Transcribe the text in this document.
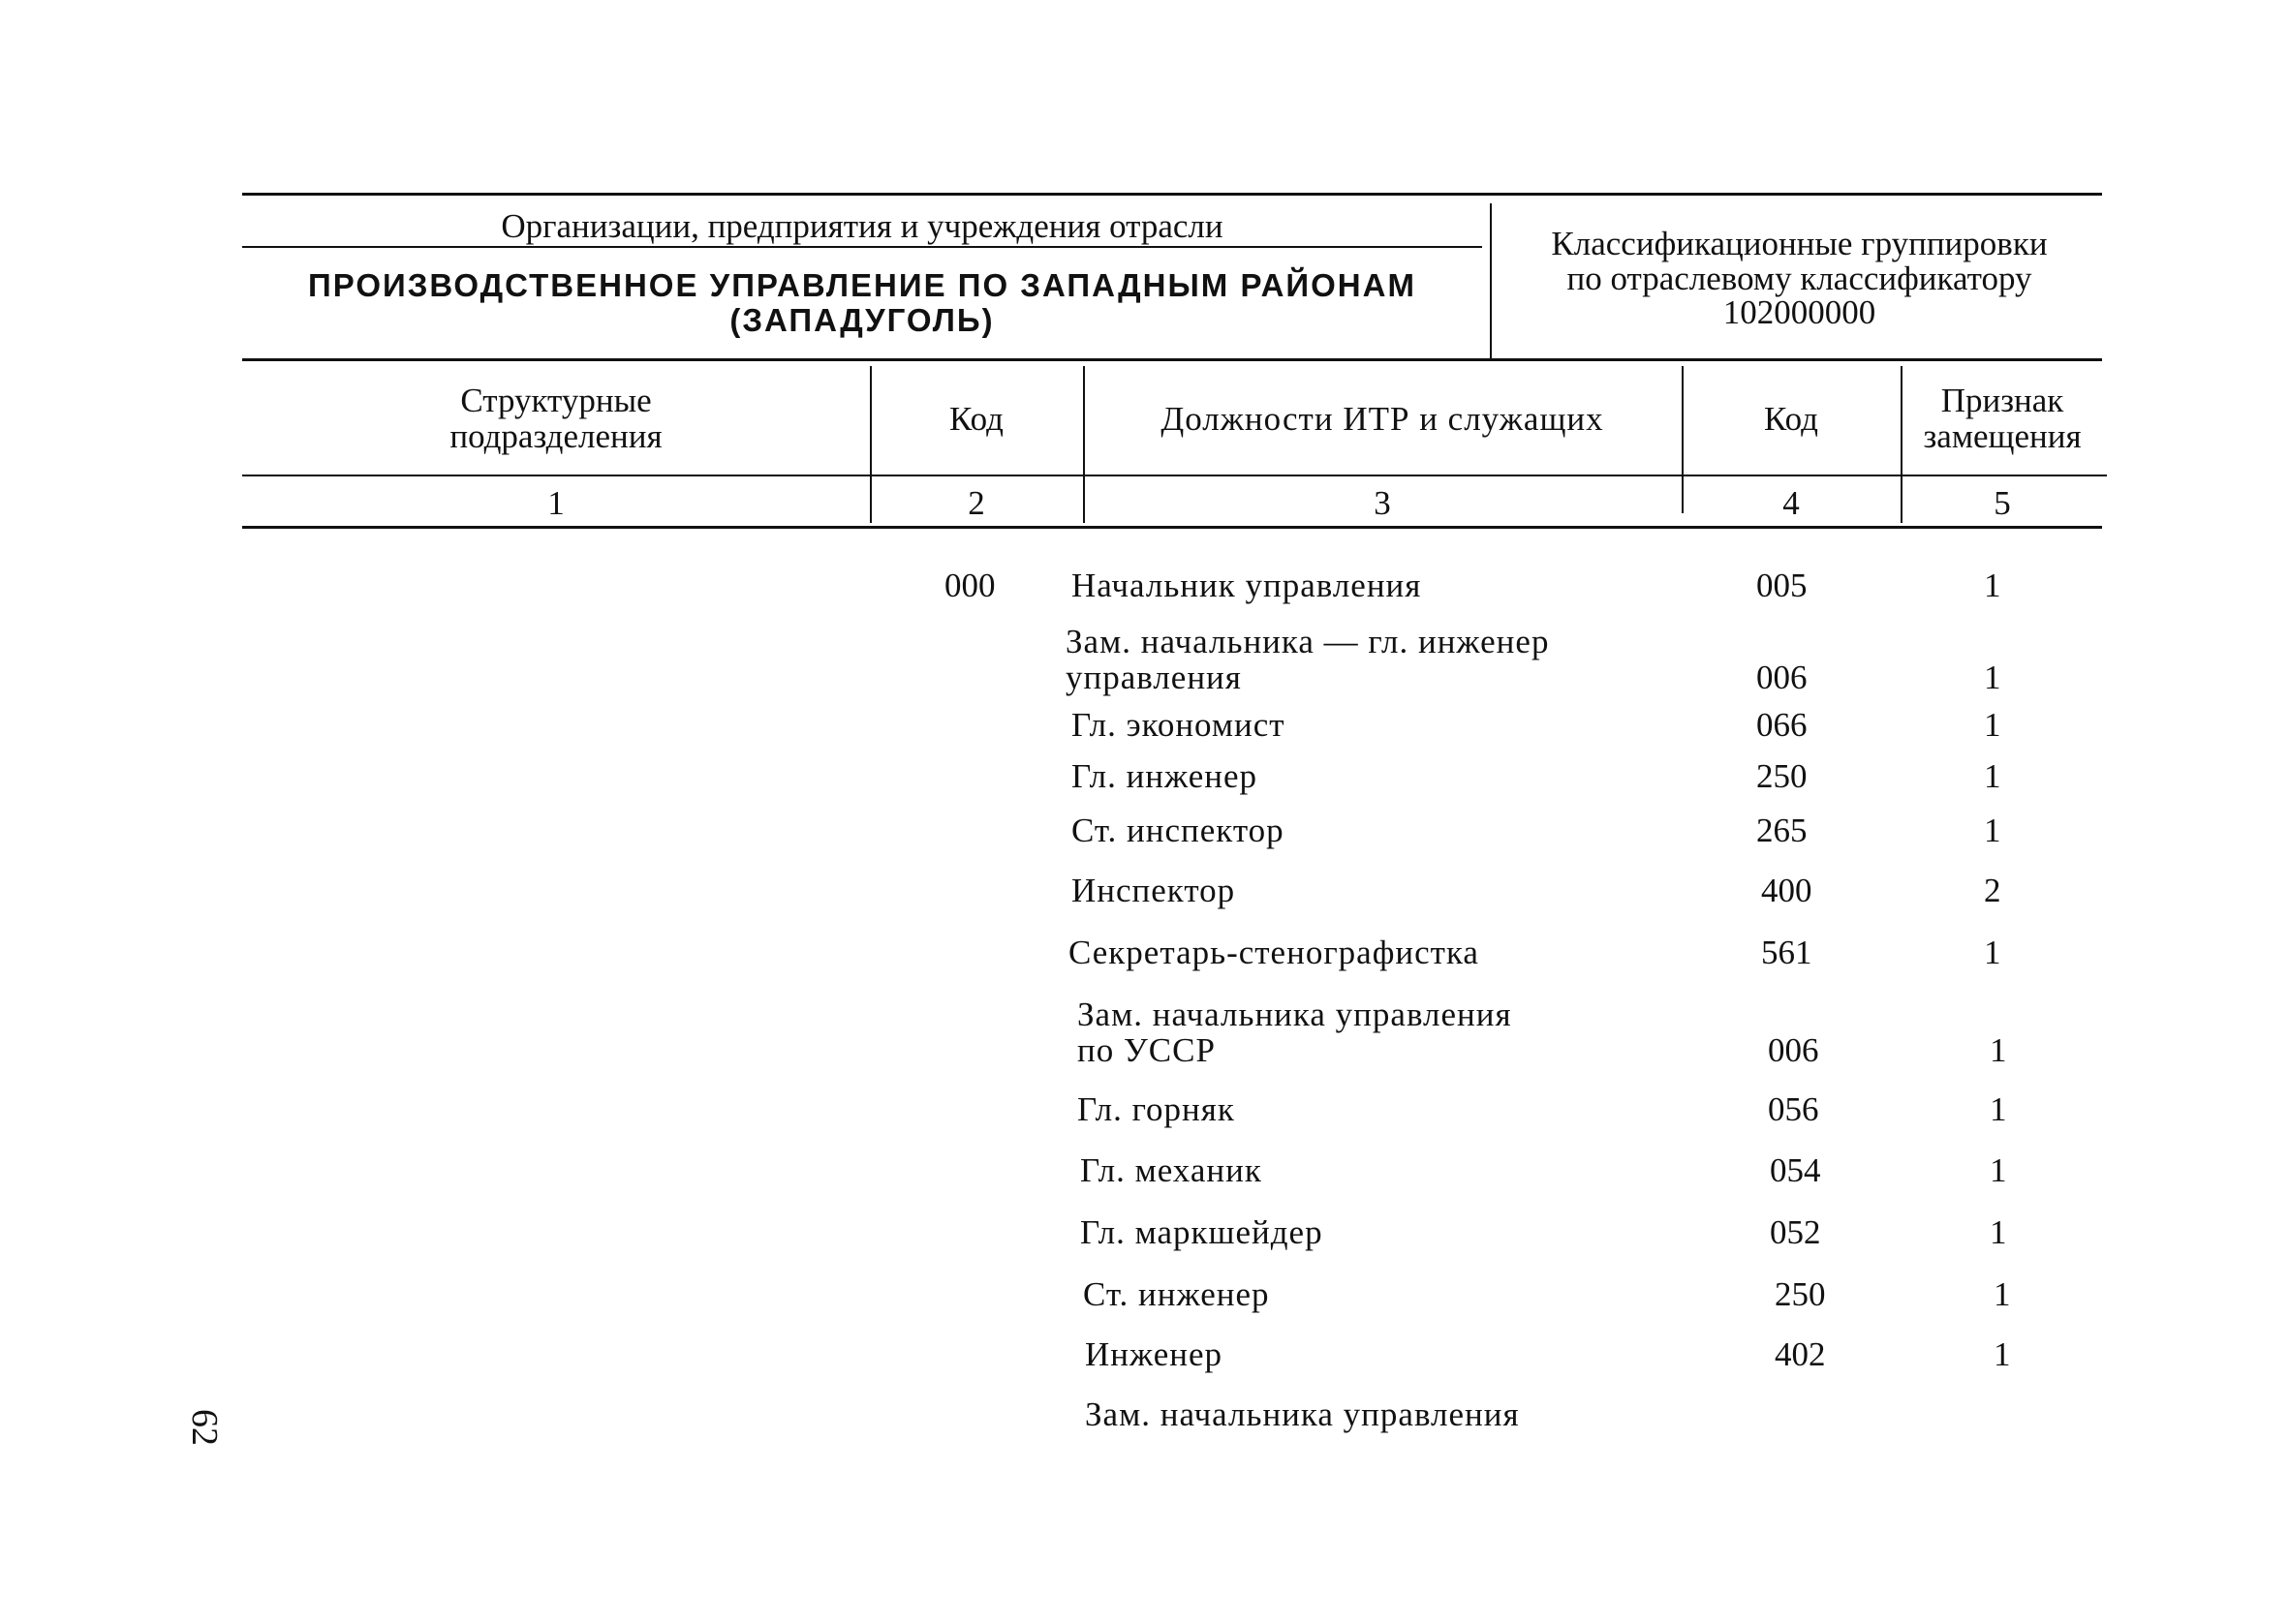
Организации, предприятия и учреждения отрасли
ПРОИЗВОДСТВЕННОЕ УПРАВЛЕНИЕ ПО ЗАПАДНЫМ РАЙОНАМ
(ЗАПАДУГОЛЬ)
Классификационные группировки
по отраслевому классификатору
102000000
Структурные
подразделения	Код	Должности ИТР и служащих	Код	Признак
замещения
1	2	3	4	5
000 Начальник управления	005	1
Зам. начальника — гл. инженер
управления	006	1
Гл. экономист	066	1
Гл. инженер	250	1
Ст. инспектор	265	1
Инспектор	400	2
Секретарь-стенографистка	561	1
Зам. начальника управления
по УССР	006	1
Гл. горняк	056	1
Гл. механик	054	1
Гл. маркшейдер	052	1
Ст. инженер	250	1
Инженер	402	1
Зам. начальника управления
62
